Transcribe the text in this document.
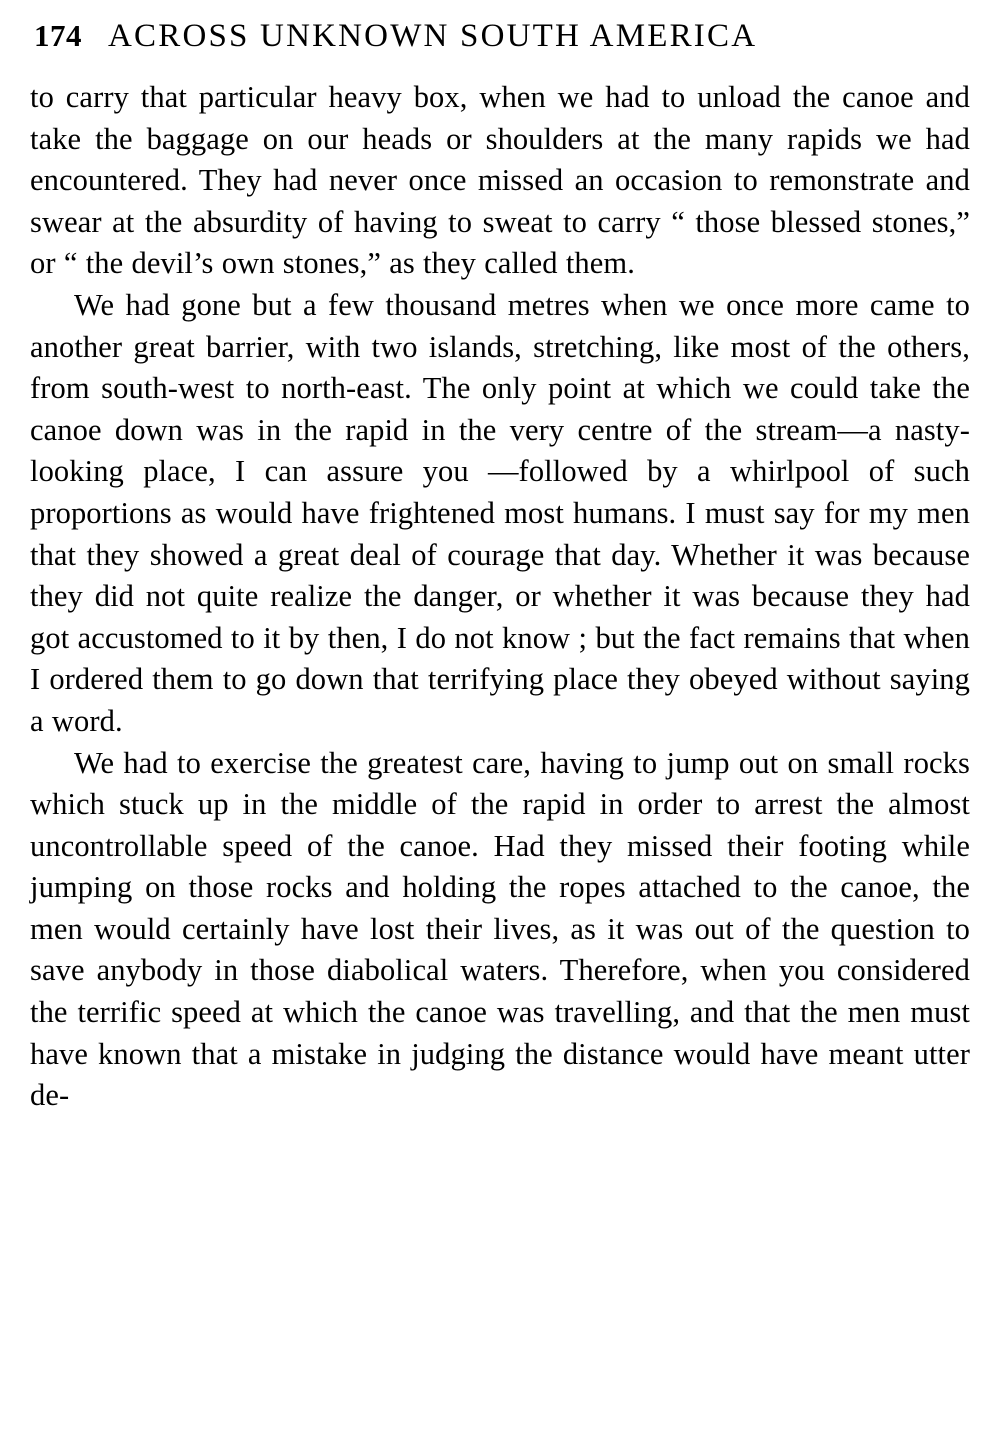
174 ACROSS UNKNOWN SOUTH AMERICA

to carry that particular heavy box, when we had to unload the canoe and take the baggage on our heads or shoulders at the many rapids we had encountered. They had never once missed an occasion to remonstrate and swear at the absurdity of having to sweat to carry “ those blessed stones,” or “ the devil’s own stones,” as they called them.

We had gone but a few thousand metres when we once more came to another great barrier, with two islands, stretching, like most of the others, from south-west to north-east. The only point at which we could take the canoe down was in the rapid in the very centre of the stream—a nasty-looking place, I can assure you —followed by a whirlpool of such proportions as would have frightened most humans. I must say for my men that they showed a great deal of courage that day. Whether it was because they did not quite realize the danger, or whether it was because they had got accustomed to it by then, I do not know ; but the fact remains that when I ordered them to go down that terrifying place they obeyed without saying a word.

We had to exercise the greatest care, having to jump out on small rocks which stuck up in the middle of the rapid in order to arrest the almost uncontrollable speed of the canoe. Had they missed their footing while jumping on those rocks and holding the ropes attached to the canoe, the men would certainly have lost their lives, as it was out of the question to save anybody in those diabolical waters. Therefore, when you considered the terrific speed at which the canoe was travelling, and that the men must have known that a mistake in judging the distance would have meant utter de-
